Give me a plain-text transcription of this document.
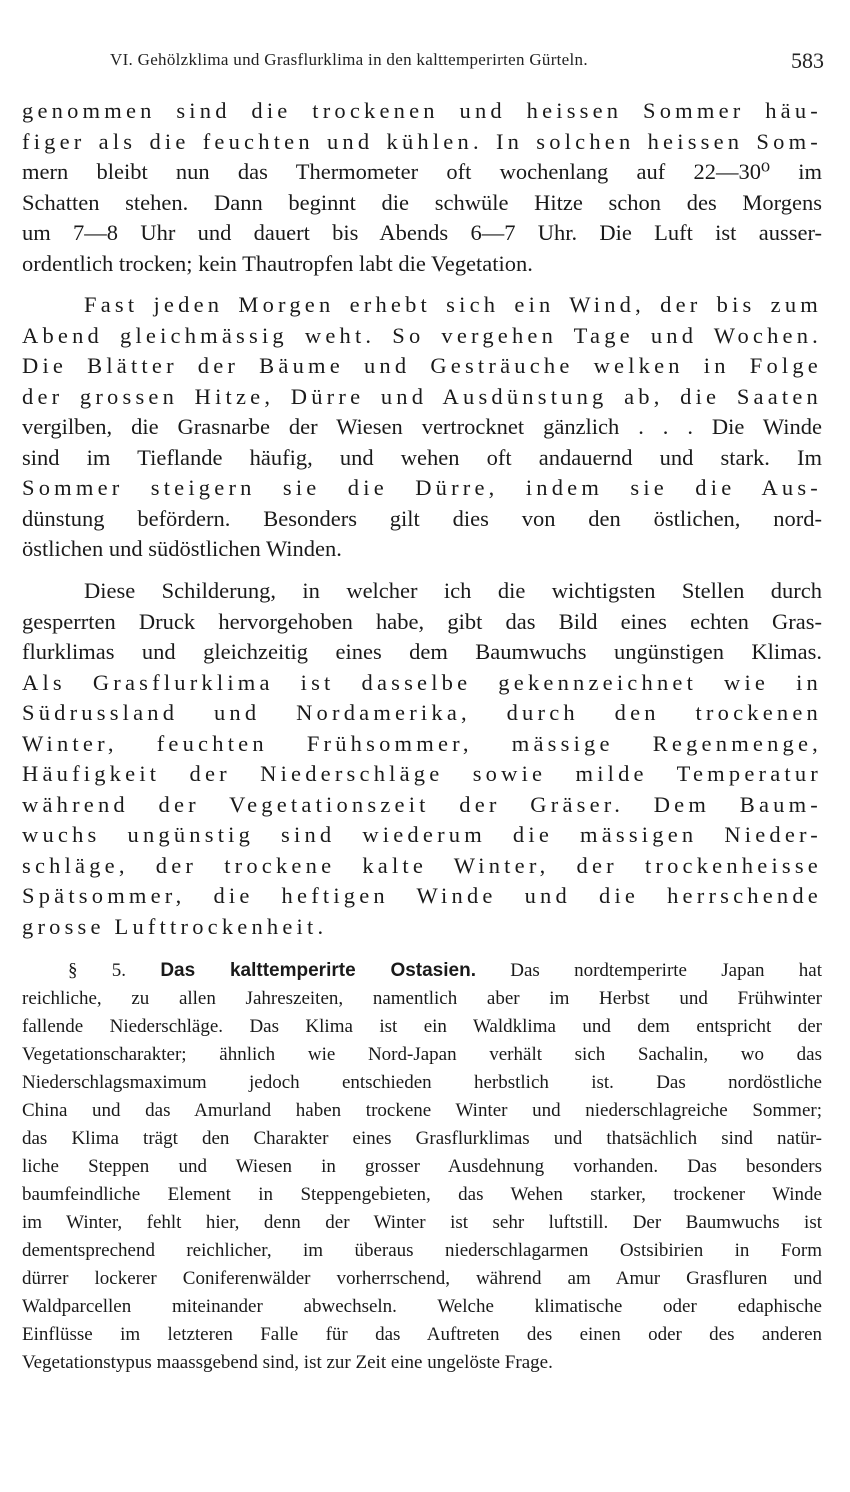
VI. Gehölzklima und Grasflurklima in den kalttemperirten Gürteln.	583
genommen sind die trockenen und heissen Sommer häu-
figer als die feuchten und kühlen. In solchen heissen Som-
mern bleibt nun das Thermometer oft wochenlang auf 22—30⁰ im
Schatten stehen. Dann beginnt die schwüle Hitze schon des Morgens
um 7—8 Uhr und dauert bis Abends 6—7 Uhr. Die Luft ist ausser-
ordentlich trocken; kein Thautropfen labt die Vegetation.
Fast jeden Morgen erhebt sich ein Wind, der bis zum
Abend gleichmässig weht. So vergehen Tage und Wochen.
Die Blätter der Bäume und Gesträuche welken in Folge
der grossen Hitze, Dürre und Ausdünstung ab, die Saaten
vergilben, die Grasnarbe der Wiesen vertrocknet gänzlich . . . Die Winde
sind im Tieflande häufig, und wehen oft andauernd und stark. Im
Sommer steigern sie die Dürre, indem sie die Aus-
dünstung befördern. Besonders gilt dies von den östlichen, nord-
östlichen und südöstlichen Winden.
Diese Schilderung, in welcher ich die wichtigsten Stellen durch
gesperrten Druck hervorgehoben habe, gibt das Bild eines echten Gras-
flurklimas und gleichzeitig eines dem Baumwuchs ungünstigen Klimas.
Als Grasflurklima ist dasselbe gekennzeichnet wie in
Südrussland und Nordamerika, durch den trockenen
Winter, feuchten Frühsommer, mässige Regenmenge,
Häufigkeit der Niederschläge sowie milde Temperatur
während der Vegetationszeit der Gräser. Dem Baum-
wuchs ungünstig sind wiederum die mässigen Nieder-
schläge, der trockene kalte Winter, der trockenheisse
Spätsommer, die heftigen Winde und die herrschende
grosse Lufttrockenheit.
§ 5. Das kalttemperirte Ostasien. Das nordtemperirte Japan hat
reichliche, zu allen Jahreszeiten, namentlich aber im Herbst und Frühwinter
fallende Niederschläge. Das Klima ist ein Waldklima und dem entspricht der
Vegetationscharakter; ähnlich wie Nord-Japan verhält sich Sachalin, wo das
Niederschlagsmaximum jedoch entschieden herbstlich ist. Das nordöstliche
China und das Amurland haben trockene Winter und niederschlagreiche Sommer;
das Klima trägt den Charakter eines Grasflurklimas und thatsächlich sind natür-
liche Steppen und Wiesen in grosser Ausdehnung vorhanden. Das besonders
baumfeindliche Element in Steppengebieten, das Wehen starker, trockener Winde
im Winter, fehlt hier, denn der Winter ist sehr luftstill. Der Baumwuchs ist
dementsprechend reichlicher, im überaus niederschlagarmen Ostsibirien in Form
dürrer lockerer Coniferenwälder vorherrschend, während am Amur Grasfluren und
Waldparcellen miteinander abwechseln. Welche klimatische oder edaphische
Einflüsse im letzteren Falle für das Auftreten des einen oder des anderen
Vegetationstypus maassgebend sind, ist zur Zeit eine ungelöste Frage.
